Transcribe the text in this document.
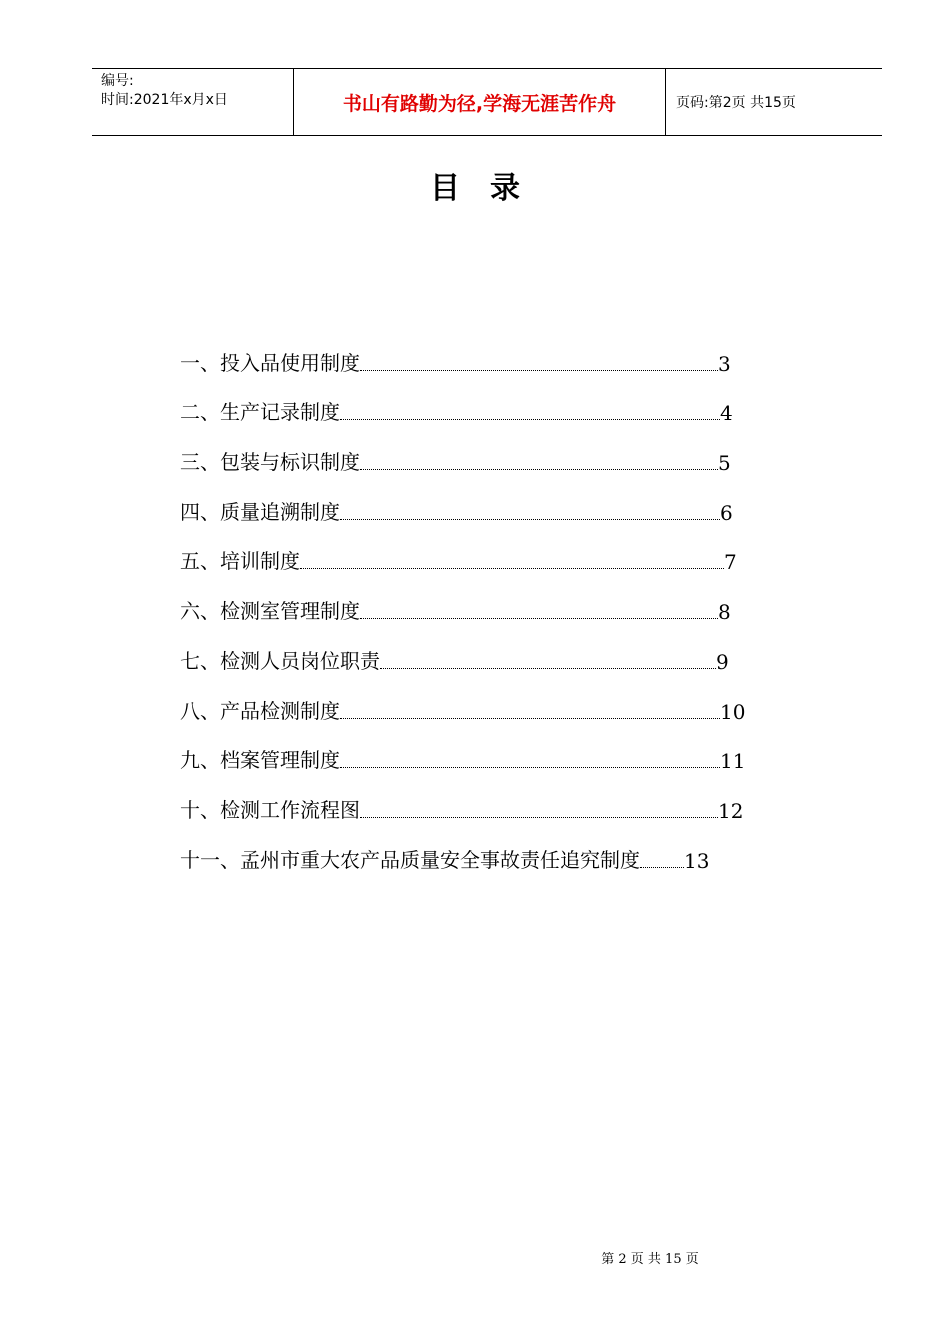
编号:
时间:2021年x月x日	书山有路勤为径,学海无涯苦作舟	页码:第2页 共15页
目录
一、投入品使用制度	3
二、生产记录制度	4
三、包装与标识制度	5
四、质量追溯制度	6
五、培训制度	7
六、检测室管理制度	8
七、检测人员岗位职责	9
八、产品检测制度	10
九、档案管理制度	11
十、检测工作流程图	12
十一、孟州市重大农产品质量安全事故责任追究制度 13
第 2 页 共 15 页
